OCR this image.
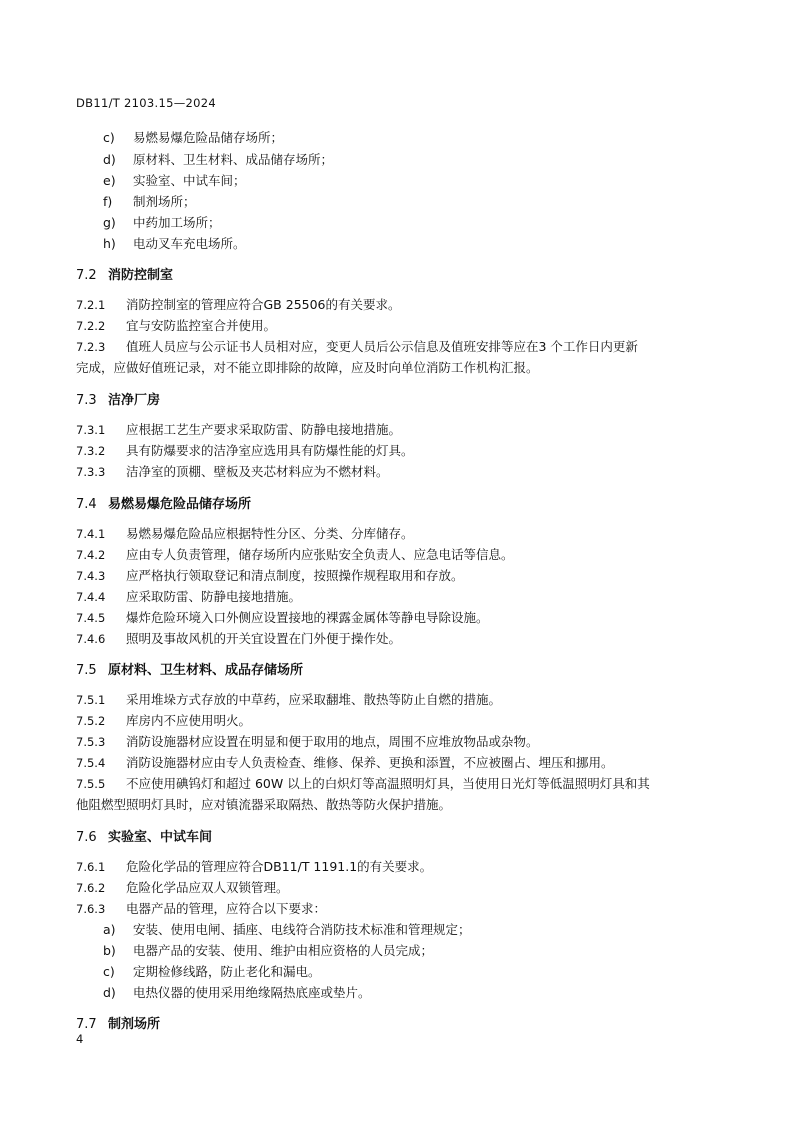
DB11/T 2103.15—2024
c) 易燃易爆危险品储存场所；
d) 原材料、卫生材料、成品储存场所；
e) 实验室、中试车间；
f) 制剂场所；
g) 中药加工场所；
h) 电动叉车充电场所。
7.2 消防控制室
7.2.1 消防控制室的管理应符合GB 25506的有关要求。
7.2.2 宜与安防监控室合并使用。
7.2.3 值班人员应与公示证书人员相对应，变更人员后公示信息及值班安排等应在3 个工作日内更新
完成，应做好值班记录，对不能立即排除的故障，应及时向单位消防工作机构汇报。
7.3 洁净厂房
7.3.1 应根据工艺生产要求采取防雷、防静电接地措施。
7.3.2 具有防爆要求的洁净室应选用具有防爆性能的灯具。
7.3.3 洁净室的顶棚、壁板及夹芯材料应为不燃材料。
7.4 易燃易爆危险品储存场所
7.4.1 易燃易爆危险品应根据特性分区、分类、分库储存。
7.4.2 应由专人负责管理，储存场所内应张贴安全负责人、应急电话等信息。
7.4.3 应严格执行领取登记和清点制度，按照操作规程取用和存放。
7.4.4 应采取防雷、防静电接地措施。
7.4.5 爆炸危险环境入口外侧应设置接地的裸露金属体等静电导除设施。
7.4.6 照明及事故风机的开关宜设置在门外便于操作处。
7.5 原材料、卫生材料、成品存储场所
7.5.1 采用堆垛方式存放的中草药，应采取翻堆、散热等防止自燃的措施。
7.5.2 库房内不应使用明火。
7.5.3 消防设施器材应设置在明显和便于取用的地点，周围不应堆放物品或杂物。
7.5.4 消防设施器材应由专人负责检查、维修、保养、更换和添置，不应被圈占、埋压和挪用。
7.5.5 不应使用碘钨灯和超过 60W 以上的白炽灯等高温照明灯具，当使用日光灯等低温照明灯具和其
他阻燃型照明灯具时，应对镇流器采取隔热、散热等防火保护措施。
7.6 实验室、中试车间
7.6.1 危险化学品的管理应符合DB11/T 1191.1的有关要求。
7.6.2 危险化学品应双人双锁管理。
7.6.3 电器产品的管理，应符合以下要求：
a) 安装、使用电闸、插座、电线符合消防技术标准和管理规定；
b) 电器产品的安装、使用、维护由相应资格的人员完成；
c) 定期检修线路，防止老化和漏电。
d) 电热仪器的使用采用绝缘隔热底座或垫片。
7.7 制剂场所
4
